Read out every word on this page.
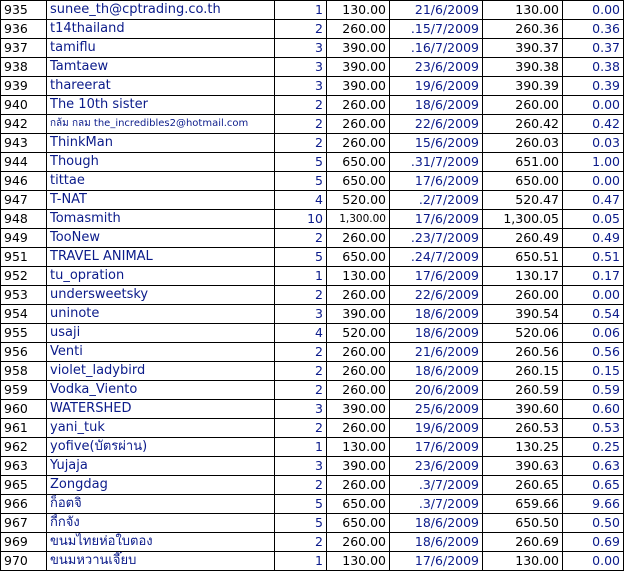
935	sunee_th@cptrading.co.th	1	130.00	21/6/2009	130.00	0.00
936	t14thailand	2	260.00	.15/7/2009	260.36	0.36
937	tamiflu	3	390.00	.16/7/2009	390.37	0.37
938	Tamtaew	3	390.00	23/6/2009	390.38	0.38
939	thareerat	3	390.00	19/6/2009	390.39	0.39
940	The 10th sister	2	260.00	18/6/2009	260.00	0.00
942	กล้ม กลม the_incredibles2@hotmail.com	2	260.00	22/6/2009	260.42	0.42
943	ThinkMan	2	260.00	15/6/2009	260.03	0.03
944	Though	5	650.00	.31/7/2009	651.00	1.00
946	tittae	5	650.00	17/6/2009	650.00	0.00
947	T-NAT	4	520.00	.2/7/2009	520.47	0.47
948	Tomasmith	10	1,300.00	17/6/2009	1,300.05	0.05
949	TooNew	2	260.00	.23/7/2009	260.49	0.49
951	TRAVEL ANIMAL	5	650.00	.24/7/2009	650.51	0.51
952	tu_opration	1	130.00	17/6/2009	130.17	0.17
953	undersweetsky	2	260.00	22/6/2009	260.00	0.00
954	uninote	3	390.00	18/6/2009	390.54	0.54
955	usaji	4	520.00	18/6/2009	520.06	0.06
956	Venti	2	260.00	21/6/2009	260.56	0.56
958	violet_ladybird	2	260.00	18/6/2009	260.15	0.15
959	Vodka_Viento	2	260.00	20/6/2009	260.59	0.59
960	WATERSHED	3	390.00	25/6/2009	390.60	0.60
961	yani_tuk	2	260.00	19/6/2009	260.53	0.53
962	yofive(บัตรผ่าน)	1	130.00	17/6/2009	130.25	0.25
963	Yujaja	3	390.00	23/6/2009	390.63	0.63
965	Zongdag	2	260.00	.3/7/2009	260.65	0.65
966	ก็อตจิ	5	650.00	.3/7/2009	659.66	9.66
967	กี้กจัง	5	650.00	18/6/2009	650.50	0.50
969	ขนมไทยห่อใบตอง	2	260.00	18/6/2009	260.69	0.69
970	ขนมหวานเจี๊ยบ	1	130.00	17/6/2009	130.00	0.00
